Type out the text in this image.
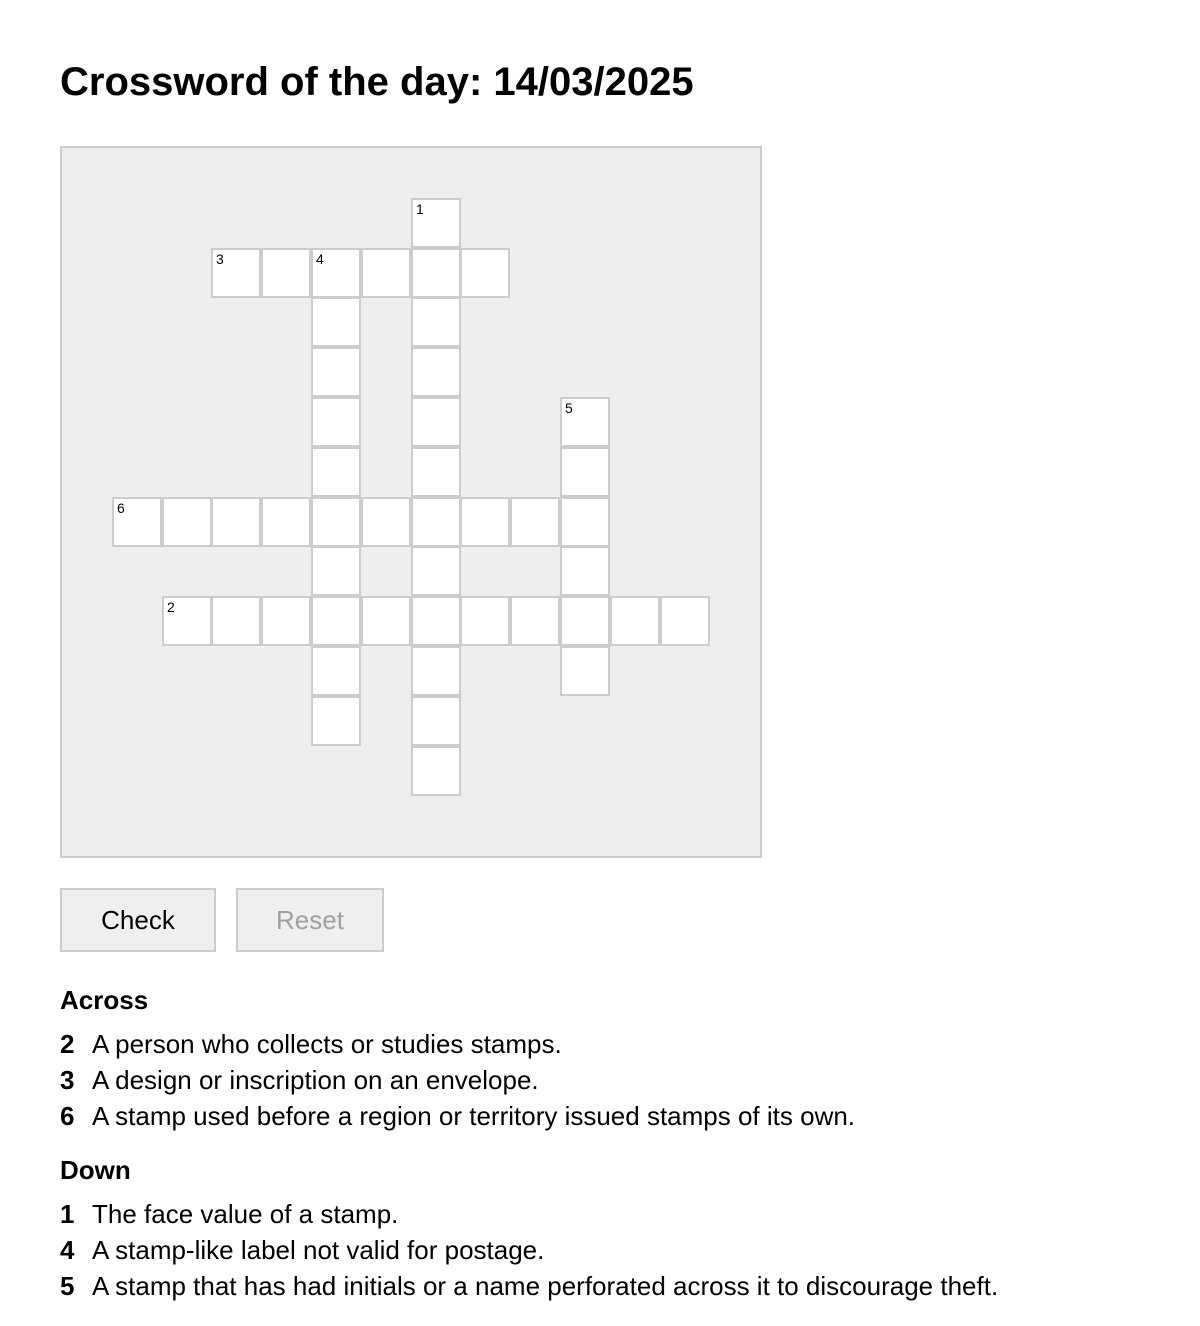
Crossword of the day: 14/03/2025
1
3	4
5
6
2
Check	Reset
Across
2 A person who collects or studies stamps.
3 A design or inscription on an envelope.
6 A stamp used before a region or territory issued stamps of its own.
Down
1 The face value of a stamp.
4 A stamp-like label not valid for postage.
5 A stamp that has had initials or a name perforated across it to discourage theft.
